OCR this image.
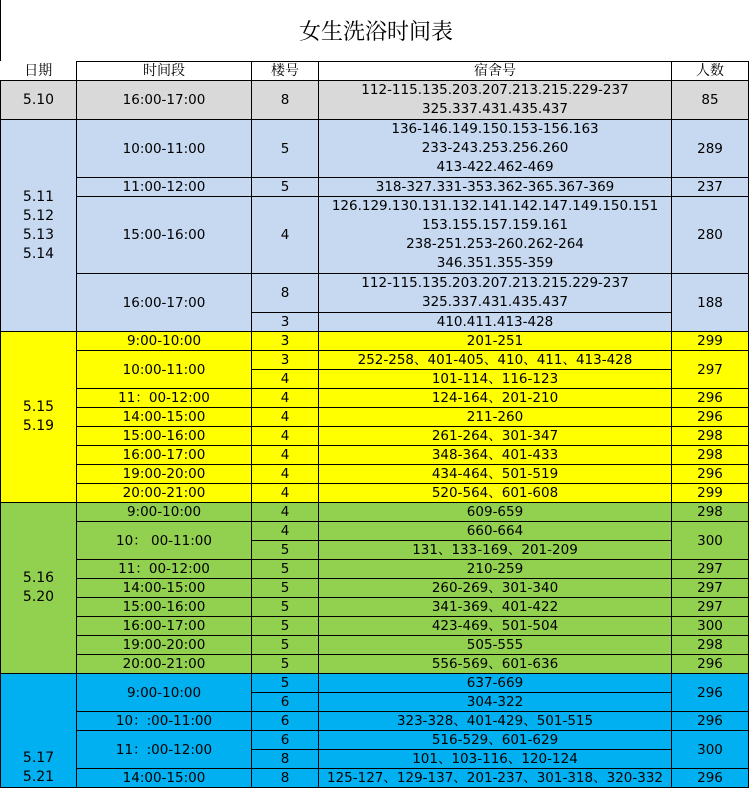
女生洗浴时间表
日期	时间段	楼号	宿舍号	人数

5.10	16:00-17:00	8	112-115.135.203.207.213.215.229-237
325.337.431.435.437	85

5.11
5.12
5.13
5.14	10:00-11:00	5	136-146.149.150.153-156.163
233-243.253.256.260
413-422.462-469	289
	11:00-12:00	5	318-327.331-353.362-365.367-369	237
	15:00-16:00	4	126.129.130.131.132.141.142.147.149.150.151
153.155.157.159.161
238-251.253-260.262-264
346.351.355-359	280
	16:00-17:00	8	112-115.135.203.207.213.215.229-237
325.337.431.435.437	188
		3	410.411.413-428	

5.15
5.19	9:00-10:00	3	201-251	299
	10:00-11:00	3	252-258、401-405、410、411、413-428	297
		4	101-114、116-123	
	11：00-12:00	4	124-164、201-210	296
	14:00-15:00	4	211-260	296
	15:00-16:00	4	261-264、301-347	298
	16:00-17:00	4	348-364、401-433	298
	19:00-20:00	4	434-464、501-519	296
	20:00-21:00	4	520-564、601-608	299

5.16
5.20	9:00-10:00	4	609-659	298
	10： 00-11:00	4	660-664	300
		5	131、133-169、201-209	
	11：00-12:00	5	210-259	297
	14:00-15:00	5	260-269、301-340	297
	15:00-16:00	5	341-369、401-422	297
	16:00-17:00	5	423-469、501-504	300
	19:00-20:00	5	505-555	298
	20:00-21:00	5	556-569、601-636	296

5.17
5.21	9:00-10:00	5	637-669	296
		6	304-322	
	10：:00-11:00	6	323-328、401-429、501-515	296
	11：:00-12:00	6	516-529、601-629	300
		8	101、103-116、120-124	
	14:00-15:00	8	125-127、129-137、201-237、301-318、320-332	296
